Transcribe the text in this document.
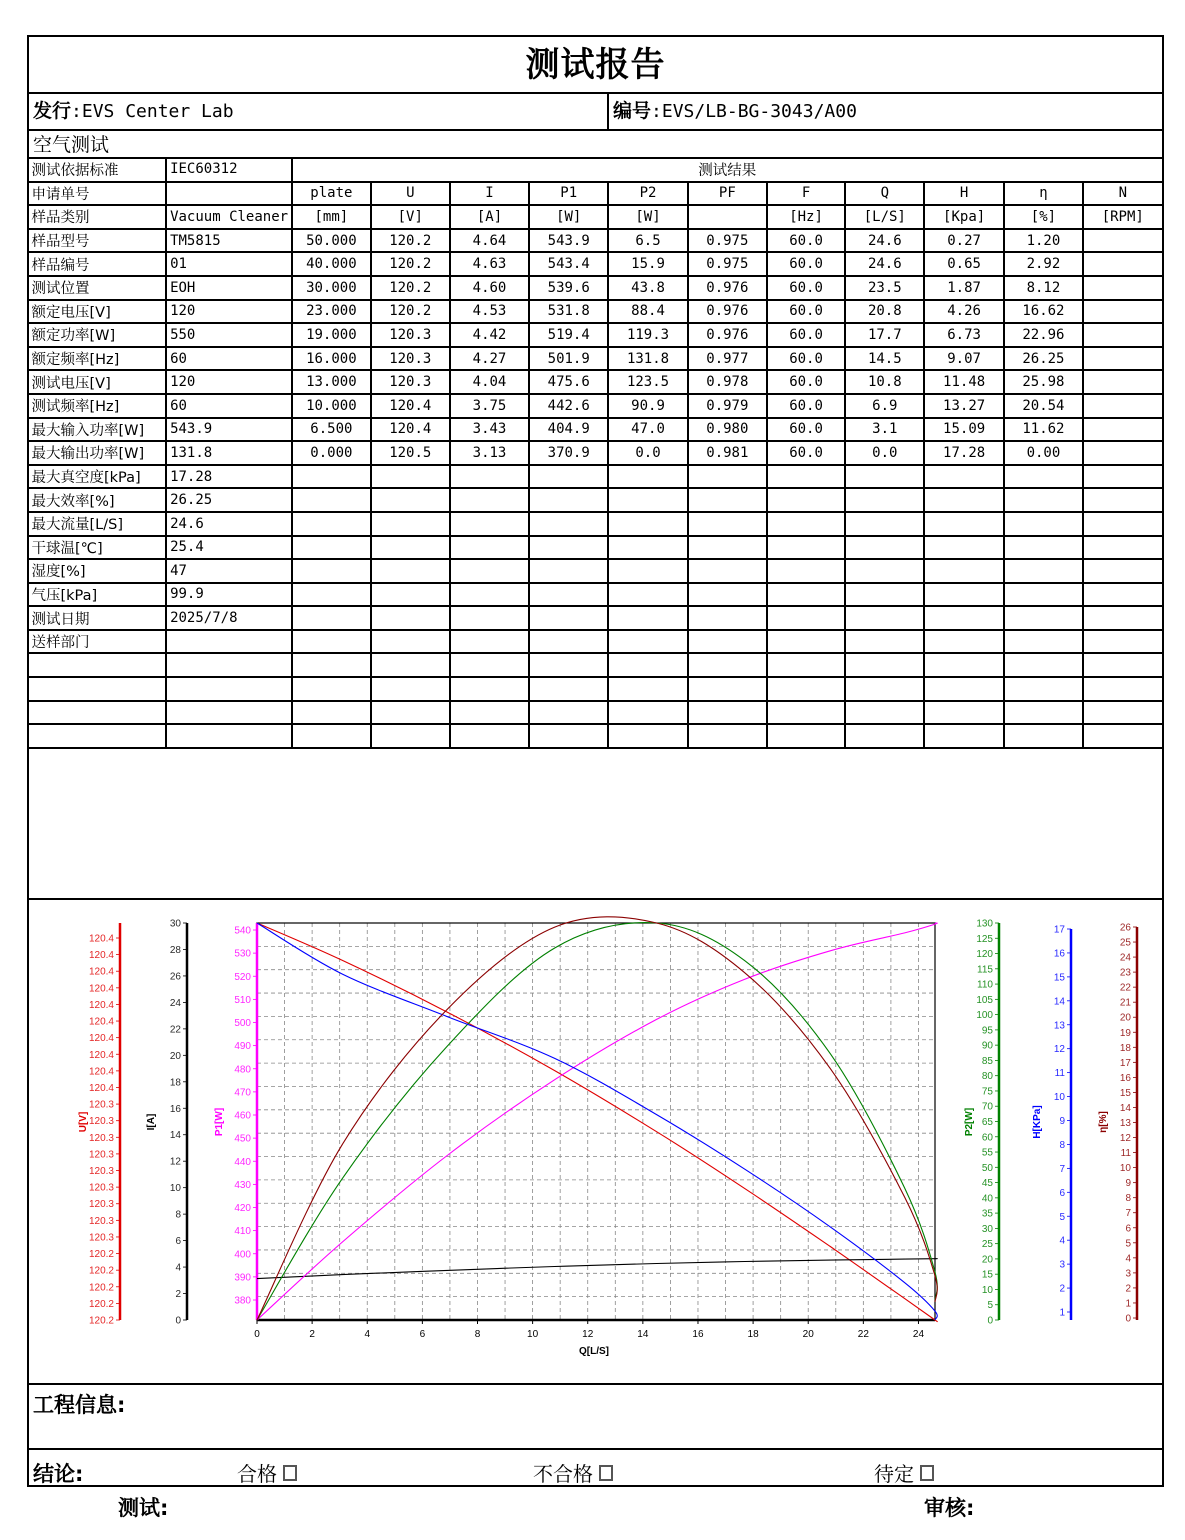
测试报告
发行:EVS Center Lab	编号:EVS/LB-BG-3043/A00
空气测试
测试依据标准	IEC60312	测试结果										
申请单号		plate	U	I	P1	P2	PF	F	Q	H	η	N
样品类别	Vacuum Cleaner	[mm]	[V]	[A]	[W]	[W]		[Hz]	[L/S]	[Kpa]	[%]	[RPM]
样品型号	TM5815	50.000	120.2	4.64	543.9	6.5	0.975	60.0	24.6	0.27	1.20	
样品编号	01	40.000	120.2	4.63	543.4	15.9	0.975	60.0	24.6	0.65	2.92	
测试位置	EOH	30.000	120.2	4.60	539.6	43.8	0.976	60.0	23.5	1.87	8.12	
额定电压[V]	120	23.000	120.2	4.53	531.8	88.4	0.976	60.0	20.8	4.26	16.62	
额定功率[W]	550	19.000	120.3	4.42	519.4	119.3	0.976	60.0	17.7	6.73	22.96	
额定频率[Hz]	60	16.000	120.3	4.27	501.9	131.8	0.977	60.0	14.5	9.07	26.25	
测试电压[V]	120	13.000	120.3	4.04	475.6	123.5	0.978	60.0	10.8	11.48	25.98	
测试频率[Hz]	60	10.000	120.4	3.75	442.6	90.9	0.979	60.0	6.9	13.27	20.54	
最大输入功率[W]	543.9	6.500	120.4	3.43	404.9	47.0	0.980	60.0	3.1	15.09	11.62	
最大输出功率[W]	131.8	0.000	120.5	3.13	370.9	0.0	0.981	60.0	0.0	17.28	0.00	
最大真空度[kPa]	17.28											
最大效率[%]	26.25											
最大流量[L/S]	24.6											
干球温[℃]	25.4											
湿度[%]	47											
气压[kPa]	99.9											
测试日期	2025/7/8											
送样部门												

0	2	4	6	8	10	12	14	16	18	20	22	24
Q[L/S]
120.2
120.2
120.2
120.2
120.2
120.3
120.3
120.3
120.3
120.3
120.3
120.3
120.3
120.3
120.4
120.4
120.4
120.4
120.4
120.4
120.4
120.4
120.4
120.4
U[V]
0
2
4
6
8
10
12
14
16
18
20
22
24
26
28
30
I[A]
380
390
400
410
420
430
440
450
460
470
480
490
500
510
520
530
540
P1[W]
0
5
10
15
20
25
30
35
40
45
50
55
60
65
70
75
80
85
90
95
100
105
110
115
120
125
130
P2[W]
1
2
3
4
5
6
7
8
9
10
11
12
13
14
15
16
17
H[KPa]
0
1
2
3
4
5
6
7
8
9
10
11
12
13
14
15
16
17
18
19
20
21
22
23
24
25
26
η[%]
工程信息:
结论:	合格	不合格	待定
测试:	审核:
